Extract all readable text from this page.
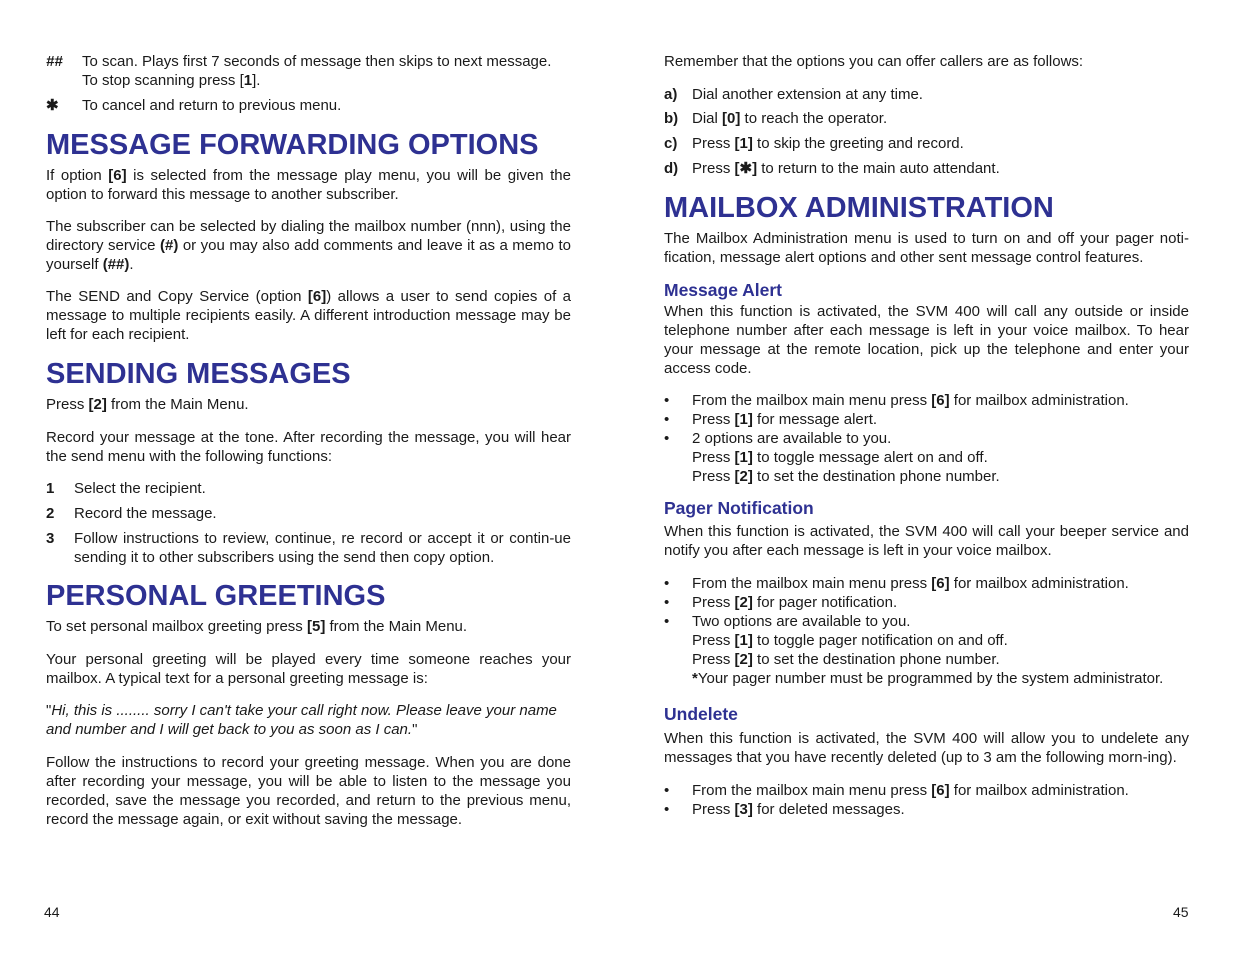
##	To scan. Plays first 7 seconds of message then skips to next message.

To stop scanning press [1].

✱	To cancel and return to previous menu.

MESSAGE FORWARDING OPTIONS

If option [6] is selected from the message play menu, you will be given the option to forward this message to another subscriber.

The subscriber can be selected by dialing the mailbox number (nnn), using the directory service (#) or you may also add comments and leave it as a memo to yourself (##).

The SEND and Copy Service (option [6]) allows a user to send copies of a message to multiple recipients easily. A different introduction message may be left for each recipient.

SENDING MESSAGES

Press [2] from the Main Menu.

Record your message at the tone. After recording the message, you will hear the send menu with the following functions:

1	Select the recipient.

2	Record the message.

3	Follow instructions to review, continue, re record or accept it or contin-ue sending it to other subscribers using the send then copy option.

PERSONAL GREETINGS

To set personal mailbox greeting press [5] from the Main Menu.

Your personal greeting will be played every time someone reaches your mailbox. A typical text for a personal greeting message is:

"Hi, this is ........ sorry I can't take your call right now. Please leave your name and number and I will get back to you as soon as I can."

Follow the instructions to record your greeting message. When you are done after recording your message, you will be able to listen to the message you recorded, save the message you recorded, and return to the previous menu, record the message again, or exit without saving the message.

44

Remember that the options you can offer callers are as follows:

a) Dial another extension at any time.

b) Dial [0] to reach the operator.

c) Press [1] to skip the greeting and record.

d) Press [✱] to return to the main auto attendant.

MAILBOX ADMINISTRATION

The Mailbox Administration menu is used to turn on and off your pager noti-fication, message alert options and other sent message control features.

Message Alert

When this function is activated, the SVM 400 will call any outside or inside telephone number after each message is left in your voice mailbox. To hear your message at the remote location, pick up the telephone and enter your access code.

•	From the mailbox main menu press [6] for mailbox administration.

•	Press [1] for message alert.

•	2 options are available to you.

Press [1] to toggle message alert on and off.

Press [2] to set the destination phone number.

Pager Notification

When this function is activated, the SVM 400 will call your beeper service and notify you after each message is left in your voice mailbox.

•	From the mailbox main menu press [6] for mailbox administration.

•	Press [2] for pager notification.

•	Two options are available to you.

Press [1] to toggle pager notification on and off.

Press [2] to set the destination phone number.

*Your pager number must be programmed by the system administrator.

Undelete

When this function is activated, the SVM 400 will allow you to undelete any messages that you have recently deleted (up to 3 am the following morn-ing).

•	From the mailbox main menu press [6] for mailbox administration.

•	Press [3] for deleted messages.

45
